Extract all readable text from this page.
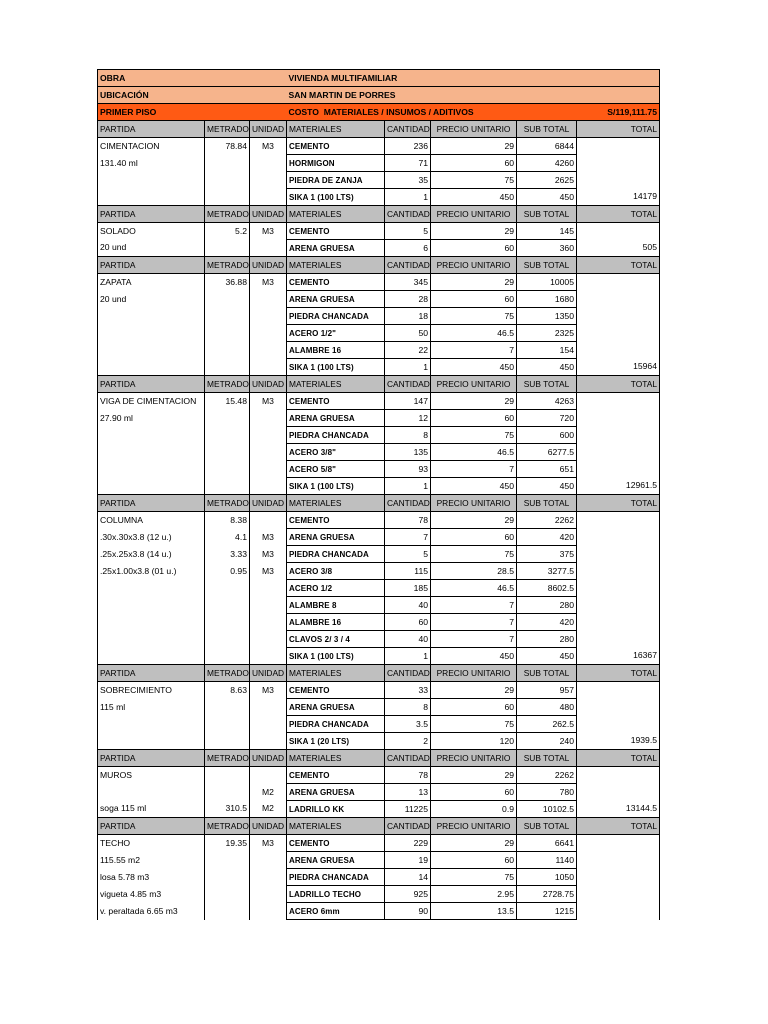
OBRA			VIVIENDA MULTIFAMILIAR				
UBICACIÓN			SAN MARTIN DE PORRES				
PRIMER PISO			COSTO MATERIALES / INSUMOS / ADITIVOS				S/119,111.75
PARTIDA	METRADO	UNIDAD	MATERIALES	CANTIDAD	PRECIO UNITARIO	SUB TOTAL	TOTAL
CIMENTACION	78.84	M3	CEMENTO	236	29	6844	
131.40 ml			HORMIGON	71	60	4260	
			PIEDRA DE ZANJA	35	75	2625	
			SIKA 1 (100 LTS)	1	450	450	14179
PARTIDA	METRADO	UNIDAD	MATERIALES	CANTIDAD	PRECIO UNITARIO	SUB TOTAL	TOTAL
SOLADO	5.2	M3	CEMENTO	5	29	145	
20 und			ARENA GRUESA	6	60	360	505
PARTIDA	METRADO	UNIDAD	MATERIALES	CANTIDAD	PRECIO UNITARIO	SUB TOTAL	TOTAL
ZAPATA	36.88	M3	CEMENTO	345	29	10005	
20 und			ARENA GRUESA	28	60	1680	
			PIEDRA CHANCADA	18	75	1350	
			ACERO 1/2"	50	46.5	2325	
			ALAMBRE 16	22	7	154	
			SIKA 1 (100 LTS)	1	450	450	15964
PARTIDA	METRADO	UNIDAD	MATERIALES	CANTIDAD	PRECIO UNITARIO	SUB TOTAL	TOTAL
VIGA DE CIMENTACION	15.48	M3	CEMENTO	147	29	4263	
27.90 ml			ARENA GRUESA	12	60	720	
			PIEDRA CHANCADA	8	75	600	
			ACERO 3/8"	135	46.5	6277.5	
			ACERO 5/8"	93	7	651	
			SIKA 1 (100 LTS)	1	450	450	12961.5
PARTIDA	METRADO	UNIDAD	MATERIALES	CANTIDAD	PRECIO UNITARIO	SUB TOTAL	TOTAL
COLUMNA	8.38		CEMENTO	78	29	2262	
.30x.30x3.8 (12 u.)	4.1	M3	ARENA GRUESA	7	60	420	
.25x.25x3.8 (14 u.)	3.33	M3	PIEDRA CHANCADA	5	75	375	
.25x1.00x3.8 (01 u.)	0.95	M3	ACERO 3/8	115	28.5	3277.5	
			ACERO 1/2	185	46.5	8602.5	
			ALAMBRE 8	40	7	280	
			ALAMBRE 16	60	7	420	
			CLAVOS 2/ 3 / 4	40	7	280	
			SIKA 1 (100 LTS)	1	450	450	16367
PARTIDA	METRADO	UNIDAD	MATERIALES	CANTIDAD	PRECIO UNITARIO	SUB TOTAL	TOTAL
SOBRECIMIENTO	8.63	M3	CEMENTO	33	29	957	
115 ml			ARENA GRUESA	8	60	480	
			PIEDRA CHANCADA	3.5	75	262.5	
			SIKA 1 (20 LTS)	2	120	240	1939.5
PARTIDA	METRADO	UNIDAD	MATERIALES	CANTIDAD	PRECIO UNITARIO	SUB TOTAL	TOTAL
MUROS			CEMENTO	78	29	2262	
		M2	ARENA GRUESA	13	60	780	
soga 115 ml	310.5	M2	LADRILLO KK	11225	0.9	10102.5	13144.5
PARTIDA	METRADO	UNIDAD	MATERIALES	CANTIDAD	PRECIO UNITARIO	SUB TOTAL	TOTAL
TECHO	19.35	M3	CEMENTO	229	29	6641	
115.55 m2			ARENA GRUESA	19	60	1140	
losa 5.78 m3			PIEDRA CHANCADA	14	75	1050	
vigueta 4.85 m3			LADRILLO TECHO	925	2.95	2728.75	
v. peraltada 6.65 m3			ACERO 6mm	90	13.5	1215	
